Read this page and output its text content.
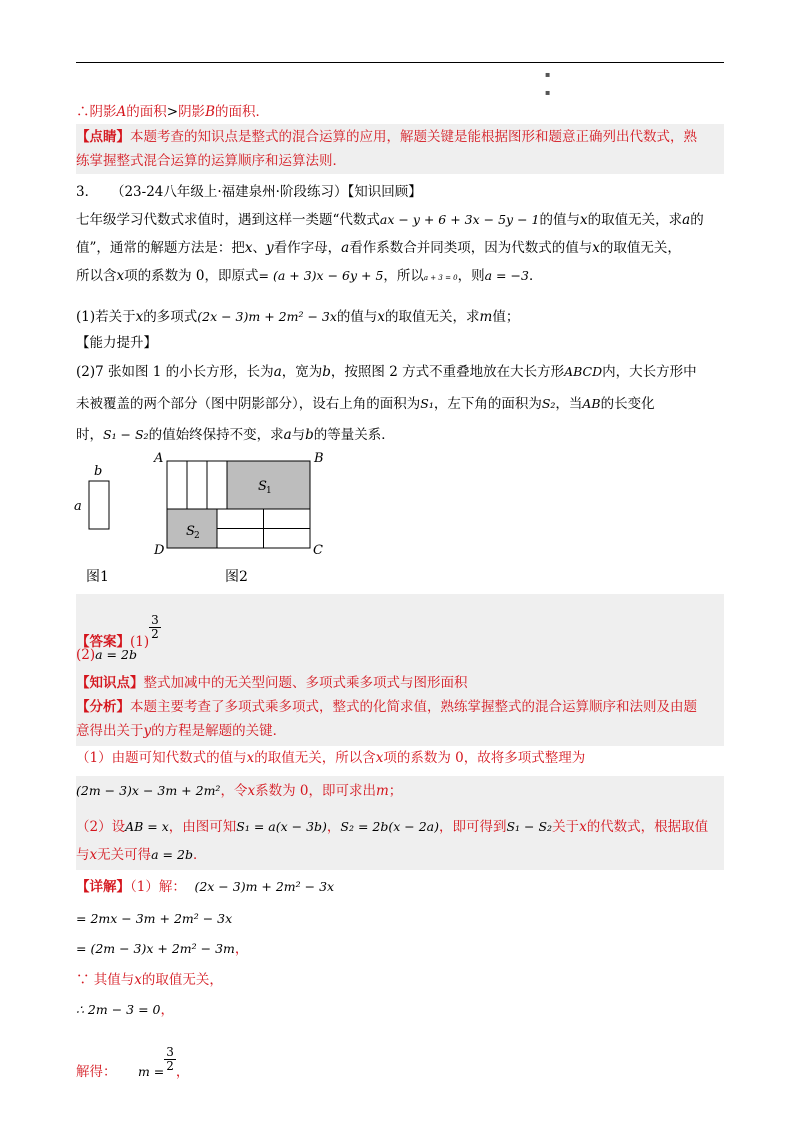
▪
▪
∴阴影A的面积>阴影B的面积．
【点睛】本题考查的知识点是整式的混合运算的应用，解题关键是能根据图形和题意正确列出代数式，熟
练掌握整式混合运算的运算顺序和运算法则．
3． （23-24八年级上·福建泉州·阶段练习）【知识回顾】
七年级学习代数式求值时，遇到这样一类题“代数式ax − y + 6 + 3x − 5y − 1的值与x的取值无关，求a的
值”，通常的解题方法是：把x、y看作字母，a看作系数合并同类项，因为代数式的值与x的取值无关，
所以含x项的系数为 0，即原式= (a + 3)x − 6y + 5，所以a + 3 = 0，则a = −3．
(1)若关于x的多项式(2x − 3)m + 2m² − 3x的值与x的取值无关，求m值；
【能力提升】
(2)7 张如图 1 的小长方形，长为a，宽为b，按照图 2 方式不重叠地放在大长方形ABCD内，大长方形中
未被覆盖的两个部分（图中阴影部分），设右上角的面积为S₁，左下角的面积为S₂，当AB的长变化
时，S₁ − S₂的值始终保持不变，求a与b的等量关系．
b
a
图1
A	B
D	C
S 1
S 2
图2
【答案】(1)
$\frac{3}{2}$
(2)a = 2b
【知识点】整式加减中的无关型问题、多项式乘多项式与图形面积
【分析】本题主要考查了多项式乘多项式，整式的化简求值，熟练掌握整式的混合运算顺序和法则及由题
意得出关于y的方程是解题的关键．
（1）由题可知代数式的值与x的取值无关，所以含x项的系数为 0，故将多项式整理为
(2m − 3)x − 3m + 2m²，令x系数为 0，即可求出m；
（2）设AB = x，由图可知S₁ = a(x − 3b)，S₂ = 2b(x − 2a)，即可得到S₁ − S₂关于x的代数式，根据取值
与x无关可得a = 2b．
【详解】（1）解： (2x − 3)m + 2m² − 3x
= 2mx − 3m + 2m² − 3x
= (2m − 3)x + 2m² − 3m，
∵ 其值与x的取值无关，
∴ 2m − 3 = 0，
解得： $m = \frac{3}{2}$ ，
